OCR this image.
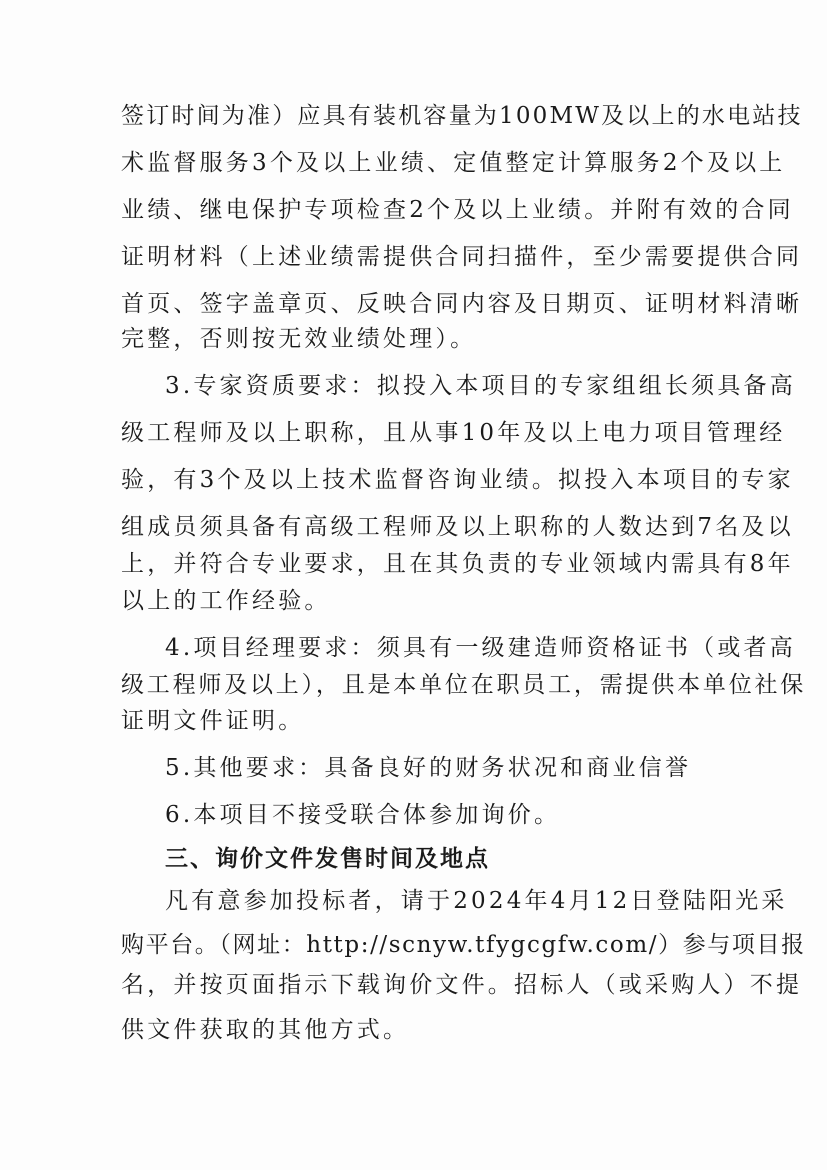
签订时间为准）应具有装机容量为100MW及以上的水电站技
术监督服务3个及以上业绩、定值整定计算服务2个及以上
业绩、继电保护专项检查2个及以上业绩。并附有效的合同
证明材料（上述业绩需提供合同扫描件，至少需要提供合同
首页、签字盖章页、反映合同内容及日期页、证明材料清晰
完整，否则按无效业绩处理）。
3.专家资质要求：拟投入本项目的专家组组长须具备高
级工程师及以上职称，且从事10年及以上电力项目管理经
验，有3个及以上技术监督咨询业绩。拟投入本项目的专家
组成员须具备有高级工程师及以上职称的人数达到7名及以
上，并符合专业要求，且在其负责的专业领域内需具有8年
以上的工作经验。
4.项目经理要求：须具有一级建造师资格证书（或者高
级工程师及以上），且是本单位在职员工，需提供本单位社保
证明文件证明。
5.其他要求：具备良好的财务状况和商业信誉
6.本项目不接受联合体参加询价。
三、询价文件发售时间及地点
凡有意参加投标者，请于2024年4月12日登陆阳光采
购平台。（网址：http://scnyw.tfygcgfw.com/）参与项目报
名，并按页面指示下载询价文件。招标人（或采购人）不提
供文件获取的其他方式。
